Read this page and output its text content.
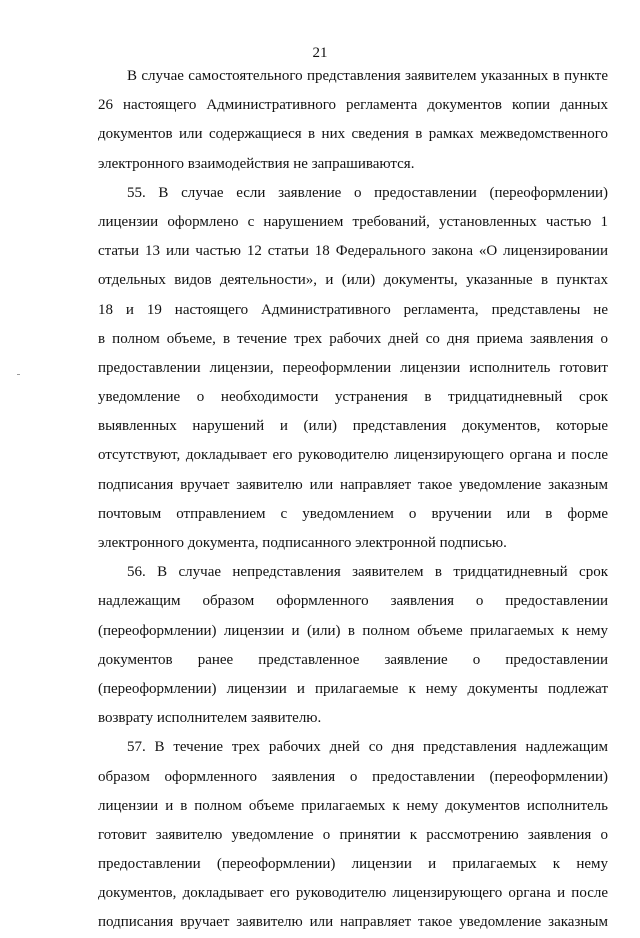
21
В случае самостоятельного представления заявителем указанных в пункте
26 настоящего Административного регламента документов копии данных
документов или содержащиеся в них сведения в рамках межведомственного
электронного взаимодействия не запрашиваются.
55. В случае если заявление о предоставлении (переоформлении)
лицензии оформлено с нарушением требований, установленных частью 1
статьи 13 или частью 12 статьи 18 Федерального закона «О лицензировании
отдельных видов деятельности», и (или) документы, указанные в пунктах
18 и 19 настоящего Административного регламента, представлены не
в полном объеме, в течение трех рабочих дней со дня приема заявления о
предоставлении лицензии, переоформлении лицензии исполнитель готовит
уведомление о необходимости устранения в тридцатидневный срок
выявленных нарушений и (или) представления документов, которые
отсутствуют, докладывает его руководителю лицензирующего органа и после
подписания вручает заявителю или направляет такое уведомление заказным
почтовым отправлением с уведомлением о вручении или в форме
электронного документа, подписанного электронной подписью.
56. В случае непредставления заявителем в тридцатидневный срок
надлежащим образом оформленного заявления о предоставлении
(переоформлении) лицензии и (или) в полном объеме прилагаемых к нему
документов ранее представленное заявление о предоставлении
(переоформлении) лицензии и прилагаемые к нему документы подлежат
возврату исполнителем заявителю.
57. В течение трех рабочих дней со дня представления надлежащим
образом оформленного заявления о предоставлении (переоформлении)
лицензии и в полном объеме прилагаемых к нему документов исполнитель
готовит заявителю уведомление о принятии к рассмотрению заявления о
предоставлении (переоформлении) лицензии и прилагаемых к нему
документов, докладывает его руководителю лицензирующего органа и после
подписания вручает заявителю или направляет такое уведомление заказным
